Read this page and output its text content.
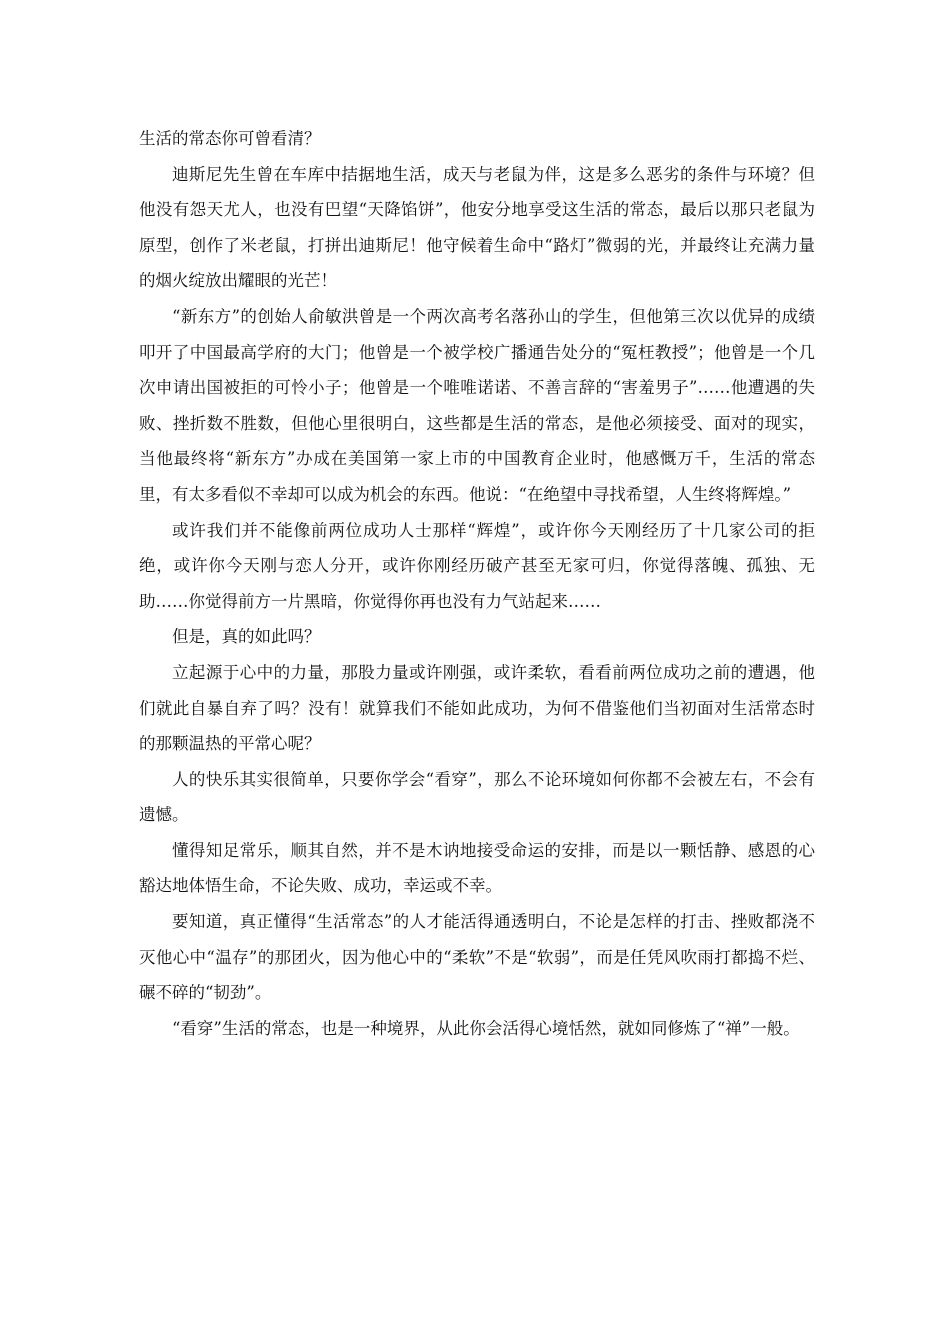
生活的常态你可曾看清？

迪斯尼先生曾在车库中拮据地生活，成天与老鼠为伴，这是多么恶劣的条件与环境？但他没有怨天尤人，也没有巴望“天降馅饼”，他安分地享受这生活的常态，最后以那只老鼠为原型，创作了米老鼠，打拼出迪斯尼！他守候着生命中“路灯”微弱的光，并最终让充满力量的烟火绽放出耀眼的光芒！

“新东方”的创始人俞敏洪曾是一个两次高考名落孙山的学生，但他第三次以优异的成绩叩开了中国最高学府的大门；他曾是一个被学校广播通告处分的“冤枉教授”；他曾是一个几次申请出国被拒的可怜小子；他曾是一个唯唯诺诺、不善言辞的“害羞男子”……他遭遇的失败、挫折数不胜数，但他心里很明白，这些都是生活的常态，是他必须接受、面对的现实，当他最终将“新东方”办成在美国第一家上市的中国教育企业时，他感慨万千，生活的常态里，有太多看似不幸却可以成为机会的东西。他说：“在绝望中寻找希望，人生终将辉煌。”

或许我们并不能像前两位成功人士那样“辉煌”，或许你今天刚经历了十几家公司的拒绝，或许你今天刚与恋人分开，或许你刚经历破产甚至无家可归，你觉得落魄、孤独、无助……你觉得前方一片黑暗，你觉得你再也没有力气站起来……

但是，真的如此吗？

立起源于心中的力量，那股力量或许刚强，或许柔软，看看前两位成功之前的遭遇，他们就此自暴自弃了吗？没有！就算我们不能如此成功，为何不借鉴他们当初面对生活常态时的那颗温热的平常心呢？

人的快乐其实很简单，只要你学会“看穿”，那么不论环境如何你都不会被左右，不会有遗憾。

懂得知足常乐，顺其自然，并不是木讷地接受命运的安排，而是以一颗恬静、感恩的心豁达地体悟生命，不论失败、成功，幸运或不幸。

要知道，真正懂得“生活常态”的人才能活得通透明白，不论是怎样的打击、挫败都浇不灭他心中“温存”的那团火，因为他心中的“柔软”不是“软弱”，而是任凭风吹雨打都捣不烂、碾不碎的“韧劲”。

“看穿”生活的常态，也是一种境界，从此你会活得心境恬然，就如同修炼了“禅”一般。
